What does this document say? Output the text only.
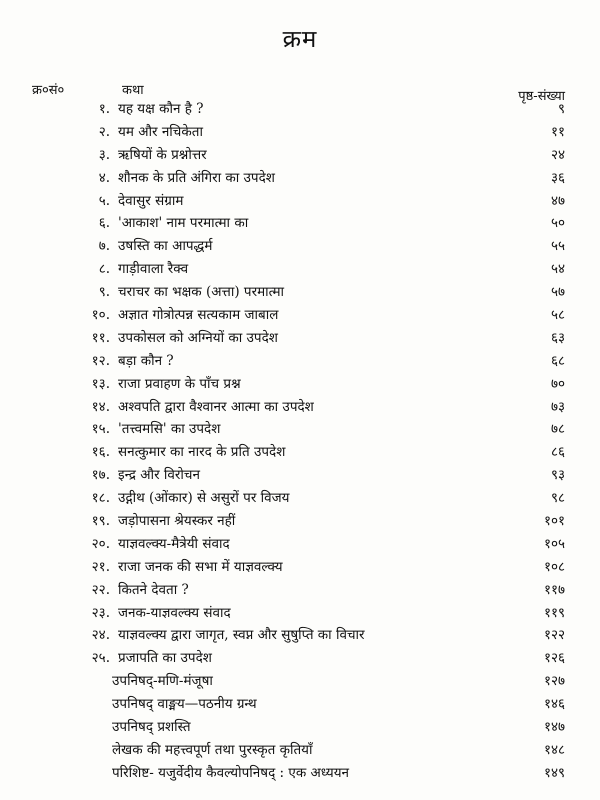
क्रम
क्र०सं०	कथा	पृष्ठ-संख्या
१. यह यक्ष कौन है ?	९
२. यम और नचिकेता	११
३. ऋषियों के प्रश्नोत्तर	२४
४. शौनक के प्रति अंगिरा का उपदेश	३६
५. देवासुर संग्राम	४७
६. 'आकाश' नाम परमात्मा का	५०
७. उषस्ति का आपद्धर्म	५५
८. गाड़ीवाला रैक्व	५४
९. चराचर का भक्षक (अत्ता) परमात्मा	५७
१०. अज्ञात गोत्रोत्पन्न सत्यकाम जाबाल	५८
११. उपकोसल को अग्नियों का उपदेश	६३
१२. बड़ा कौन ?	६८
१३. राजा प्रवाहण के पाँच प्रश्न	७०
१४. अश्वपति द्वारा वैश्वानर आत्मा का उपदेश	७३
१५. 'तत्त्वमसि' का उपदेश	७८
१६. सनत्कुमार का नारद के प्रति उपदेश	८६
१७. इन्द्र और विरोचन	९३
१८. उद्गीथ (ओंकार) से असुरों पर विजय	९८
१९. जड़ोपासना श्रेयस्कर नहीं	१०१
२०. याज्ञवल्क्य-मैत्रेयी संवाद	१०५
२१. राजा जनक की सभा में याज्ञवल्क्य	१०८
२२. कितने देवता ?	११७
२३. जनक-याज्ञवल्क्य संवाद	११९
२४. याज्ञवल्क्य द्वारा जागृत, स्वप्न और सुषुप्ति का विचार	१२२
२५. प्रजापति का उपदेश	१२६
उपनिषद्-मणि-मंजूषा	१२७
उपनिषद् वाङ्मय—पठनीय ग्रन्थ	१४६
उपनिषद् प्रशस्ति	१४७
लेखक की महत्त्वपूर्ण तथा पुरस्कृत कृतियाँ	१४८
परिशिष्ट- यजुर्वेदीय कैवल्योपनिषद् : एक अध्ययन	१४९
